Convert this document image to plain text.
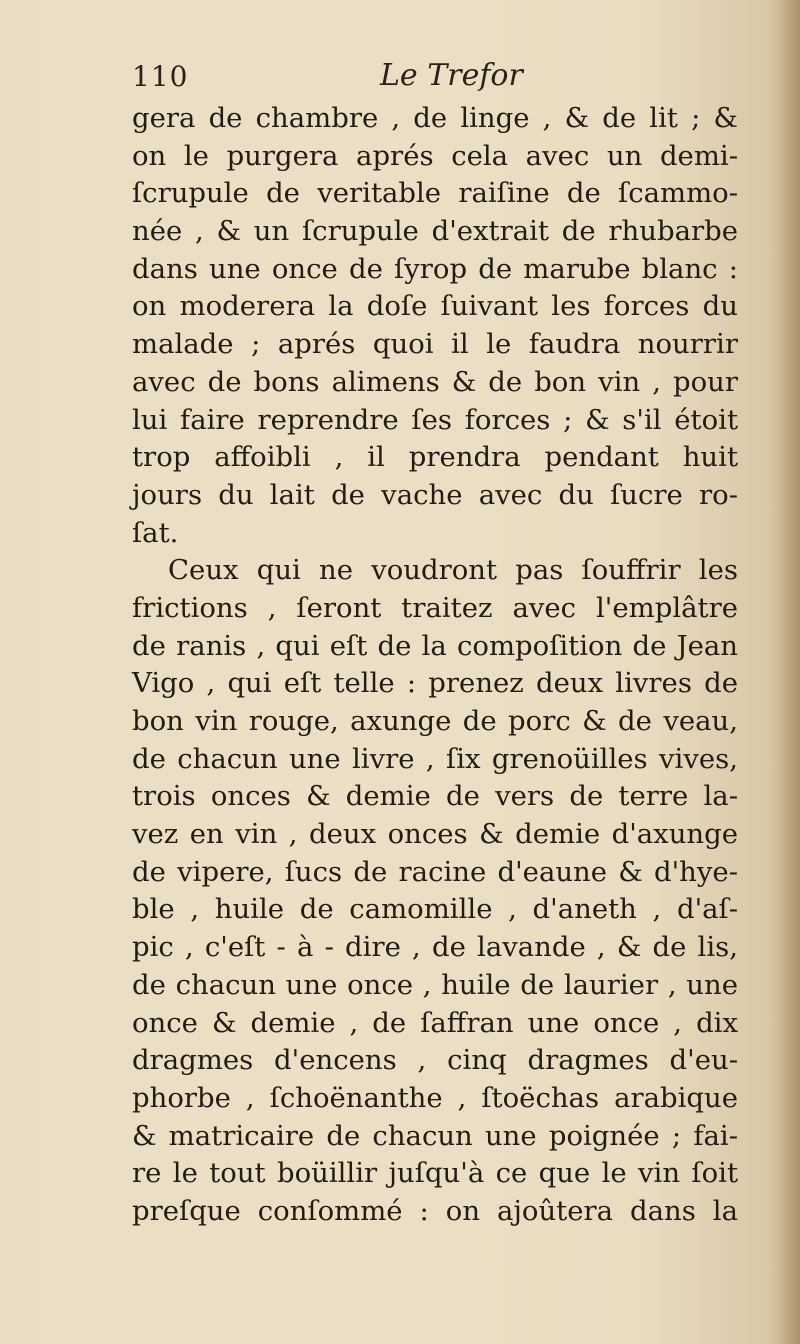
110	Le Trefor
gera de chambre , de linge , & de lit ; &
on le purgera aprés cela avec un demi-
ſcrupule de veritable raiſine de ſcammo-
née , & un ſcrupule d'extrait de rhubarbe
dans une once de ſyrop de marube blanc :
on moderera la doſe ſuivant les forces du
malade ; aprés quoi il le faudra nourrir
avec de bons alimens & de bon vin , pour
lui faire reprendre ſes forces ; & s'il étoit
trop affoibli , il prendra pendant huit
jours du lait de vache avec du ſucre ro-
ſat.
Ceux qui ne voudront pas ſouffrir les
frictions , ſeront traitez avec l'emplâtre
de ranis , qui eſt de la compoſition de Jean
Vigo , qui eſt telle : prenez deux livres de
bon vin rouge, axunge de porc & de veau,
de chacun une livre , ſix grenoüilles vives,
trois onces & demie de vers de terre la-
vez en vin , deux onces & demie d'axunge
de vipere, ſucs de racine d'eaune & d'hye-
ble , huile de camomille , d'aneth , d'aſ-
pic , c'eſt - à - dire , de lavande , & de lis,
de chacun une once , huile de laurier , une
once & demie , de ſaffran une once , dix
dragmes d'encens , cinq dragmes d'eu-
phorbe , ſchoënanthe , ſtoëchas arabique
& matricaire de chacun une poignée ; fai-
re le tout boüillir juſqu'à ce que le vin ſoit
preſque conſommé : on ajoûtera dans la
